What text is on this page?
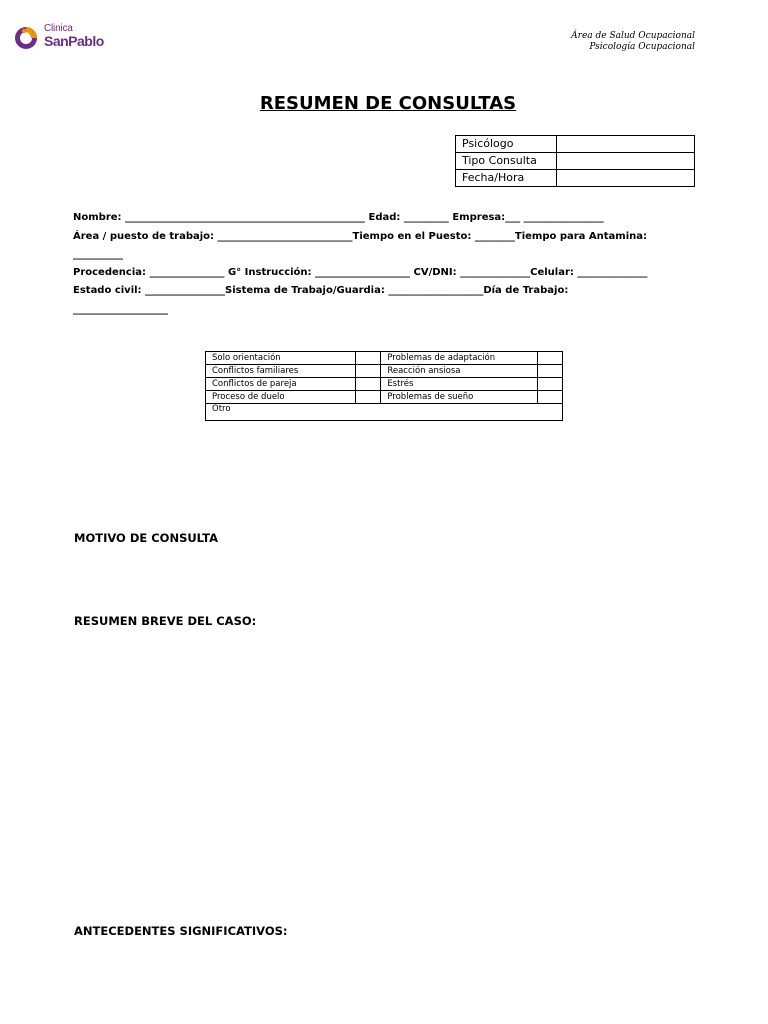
Clinica
SanPablo	Área de Salud Ocupacional
Psicología Ocupacional
RESUMEN DE CONSULTAS
Psicólogo	
Tipo Consulta	
Fecha/Hora	
Nombre: ________________________________________________ Edad: _________ Empresa:___ ________________
Área / puesto de trabajo: ___________________________Tiempo en el Puesto: ________Tiempo para Antamina:
__________
Procedencia: _______________ G° Instrucción: ___________________ CV/DNI: ______________Celular: ______________
Estado civil: ________________Sistema de Trabajo/Guardia: ___________________Día de Trabajo:
___________________
Solo orientación		Problemas de adaptación	
Conflictos familiares		Reacción ansiosa	
Conflictos de pareja		Estrés	
Proceso de duelo		Problemas de sueño	
Otro			
MOTIVO DE CONSULTA
RESUMEN BREVE DEL CASO:
ANTECEDENTES SIGNIFICATIVOS:
